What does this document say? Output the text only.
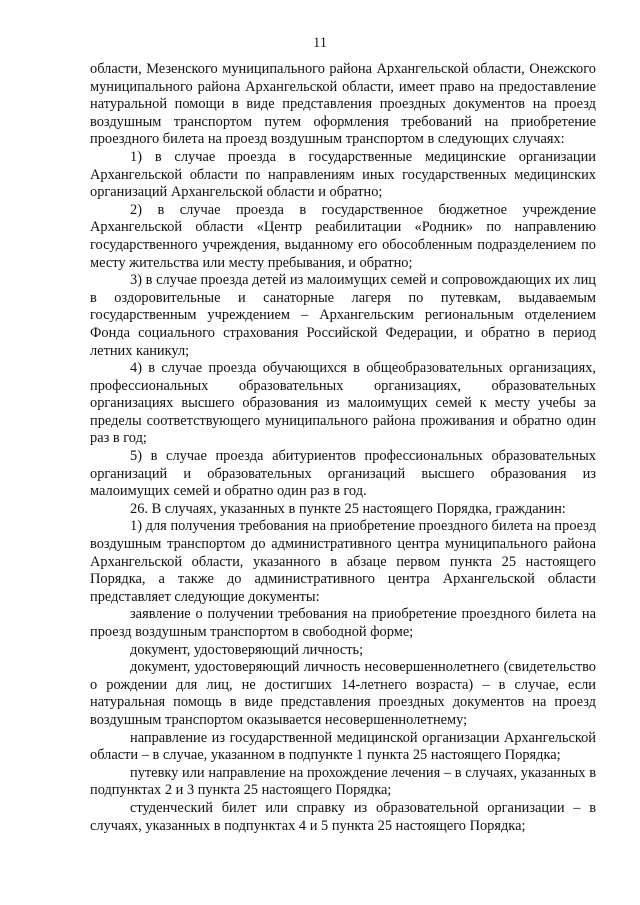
11

области, Мезенского муниципального района Архангельской области, Онежского муниципального района Архангельской области, имеет право на предоставление натуральной помощи в виде представления проездных документов на проезд воздушным транспортом путем оформления требований на приобретение проездного билета на проезд воздушным транспортом в следующих случаях:

1) в случае проезда в государственные медицинские организации Архангельской области по направлениям иных государственных медицинских организаций Архангельской области и обратно;

2) в случае проезда в государственное бюджетное учреждение Архангельской области «Центр реабилитации «Родник» по направлению государственного учреждения, выданному его обособленным подразделением по месту жительства или месту пребывания, и обратно;

3) в случае проезда детей из малоимущих семей и сопровождающих их лиц в оздоровительные и санаторные лагеря по путевкам, выдаваемым государственным учреждением – Архангельским региональным отделением Фонда социального страхования Российской Федерации, и обратно в период летних каникул;

4) в случае проезда обучающихся в общеобразовательных организациях, профессиональных образовательных организациях, образовательных организациях высшего образования из малоимущих семей к месту учебы за пределы соответствующего муниципального района проживания и обратно один раз в год;

5) в случае проезда абитуриентов профессиональных образовательных организаций и образовательных организаций высшего образования из малоимущих семей и обратно один раз в год.

26. В случаях, указанных в пункте 25 настоящего Порядка, гражданин:

1) для получения требования на приобретение проездного билета на проезд воздушным транспортом до административного центра муниципального района Архангельской области, указанного в абзаце первом пункта 25 настоящего Порядка, а также до административного центра Архангельской области представляет следующие документы:

заявление о получении требования на приобретение проездного билета на проезд воздушным транспортом в свободной форме;

документ, удостоверяющий личность;

документ, удостоверяющий личность несовершеннолетнего (свидетельство о рождении для лиц, не достигших 14-летнего возраста) – в случае, если натуральная помощь в виде представления проездных документов на проезд воздушным транспортом оказывается несовершеннолетнему;

направление из государственной медицинской организации Архангельской области – в случае, указанном в подпункте 1 пункта 25 настоящего Порядка;

путевку или направление на прохождение лечения – в случаях, указанных в подпунктах 2 и 3 пункта 25 настоящего Порядка;

студенческий билет или справку из образовательной организации – в случаях, указанных в подпунктах 4 и 5 пункта 25 настоящего Порядка;
